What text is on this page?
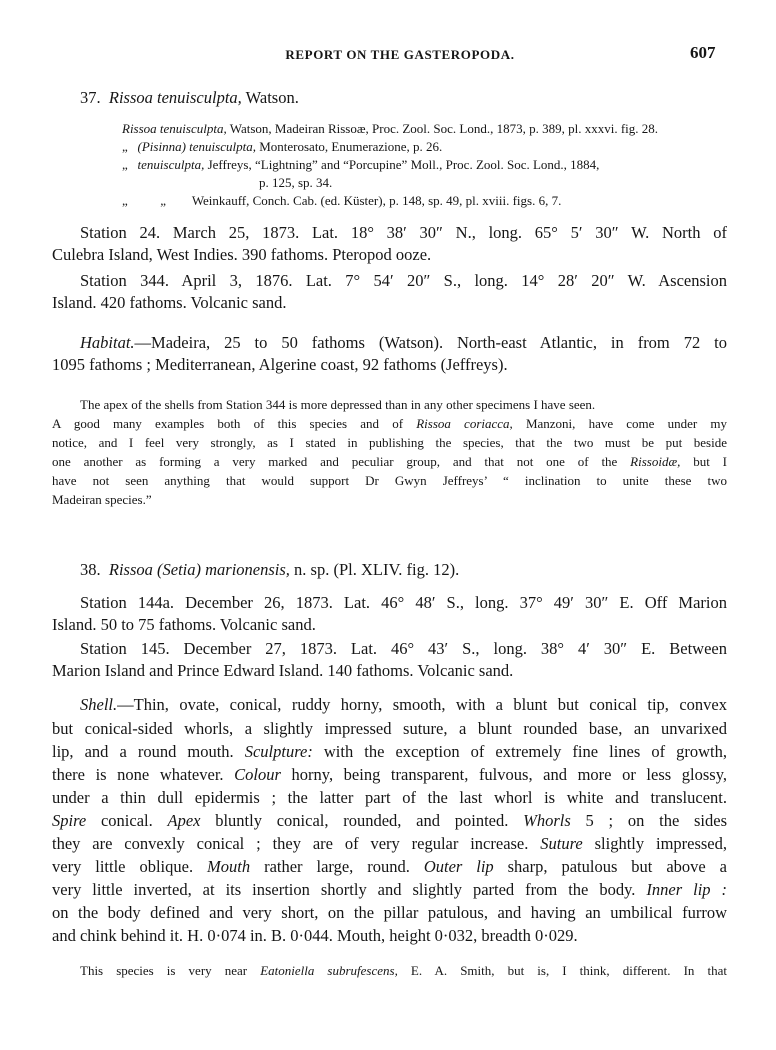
REPORT ON THE GASTEROPODA.	607
37. Rissoa tenuisculpta, Watson.
Rissoa tenuisculpta, Watson, Madeiran Rissoæ, Proc. Zool. Soc. Lond., 1873, p. 389, pl. xxxvi. fig. 28.
„ (Pisinna) tenuisculpta, Monterosato, Enumerazione, p. 26.
„ tenuisculpta, Jeffreys, “Lightning” and “Porcupine” Moll., Proc. Zool. Soc. Lond., 1884,
p. 125, sp. 34.
„          „ Weinkauff, Conch. Cab. (ed. Küster), p. 148, sp. 49, pl. xviii. figs. 6, 7.
Station 24. March 25, 1873. Lat. 18° 38′ 30″ N., long. 65° 5′ 30″ W. North of
Culebra Island, West Indies. 390 fathoms. Pteropod ooze.
Station 344. April 3, 1876. Lat. 7° 54′ 20″ S., long. 14° 28′ 20″ W. Ascension
Island. 420 fathoms. Volcanic sand.
Habitat.—Madeira, 25 to 50 fathoms (Watson). North-east Atlantic, in from 72 to
1095 fathoms ; Mediterranean, Algerine coast, 92 fathoms (Jeffreys).
The apex of the shells from Station 344 is more depressed than in any other specimens I have seen.
A good many examples both of this species and of Rissoa coriacca, Manzoni, have come under my
notice, and I feel very strongly, as I stated in publishing the species, that the two must be put beside
one another as forming a very marked and peculiar group, and that not one of the Rissoidæ, but I
have not seen anything that would support Dr Gwyn Jeffreys’ “ inclination to unite these two
Madeiran species.”
38. Rissoa (Setia) marionensis, n. sp. (Pl. XLIV. fig. 12).
Station 144a. December 26, 1873. Lat. 46° 48′ S., long. 37° 49′ 30″ E. Off Marion
Island. 50 to 75 fathoms. Volcanic sand.
Station 145. December 27, 1873. Lat. 46° 43′ S., long. 38° 4′ 30″ E. Between
Marion Island and Prince Edward Island. 140 fathoms. Volcanic sand.
Shell.—Thin, ovate, conical, ruddy horny, smooth, with a blunt but conical tip, convex
but conical-sided whorls, a slightly impressed suture, a blunt rounded base, an unvarixed
lip, and a round mouth. Sculpture: with the exception of extremely fine lines of growth,
there is none whatever. Colour horny, being transparent, fulvous, and more or less glossy,
under a thin dull epidermis ; the latter part of the last whorl is white and translucent.
Spire conical. Apex bluntly conical, rounded, and pointed. Whorls 5 ; on the sides
they are convexly conical ; they are of very regular increase. Suture slightly impressed,
very little oblique. Mouth rather large, round. Outer lip sharp, patulous but above a
very little inverted, at its insertion shortly and slightly parted from the body. Inner lip :
on the body defined and very short, on the pillar patulous, and having an umbilical furrow
and chink behind it. H. 0·074 in. B. 0·044. Mouth, height 0·032, breadth 0·029.
This species is very near Eatoniella subrufescens, E. A. Smith, but is, I think, different. In that
